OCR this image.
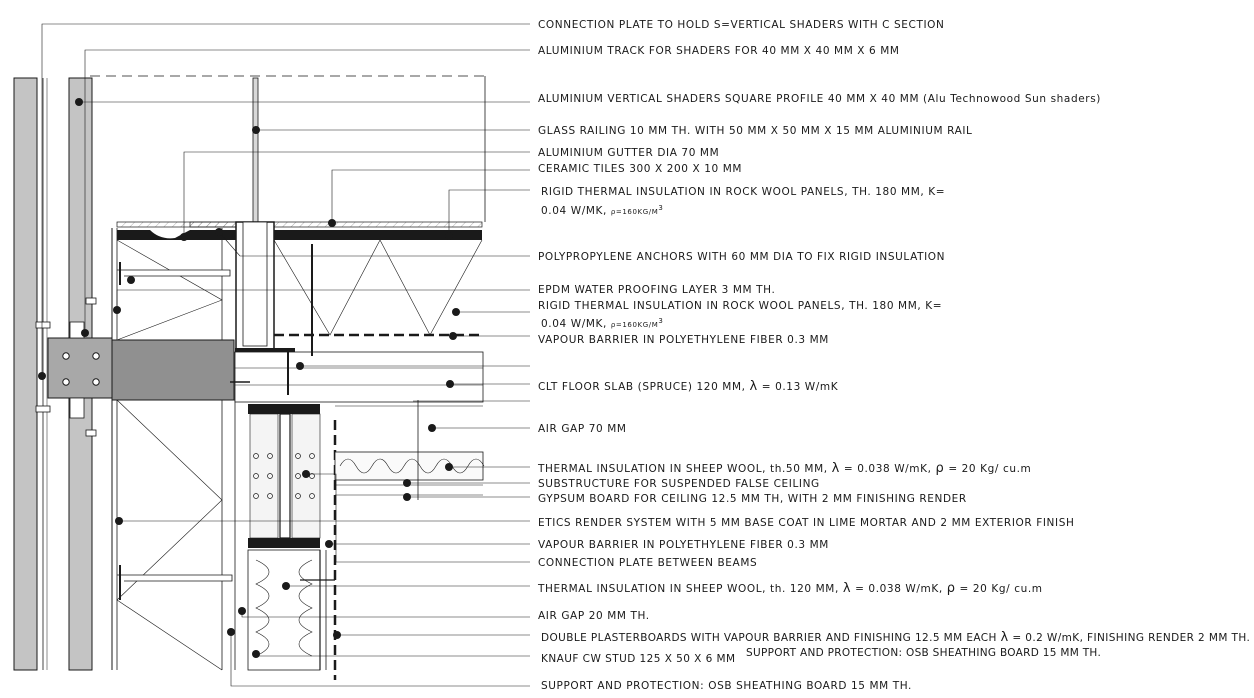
CONNECTION PLATE TO HOLD S=VERTICAL SHADERS WITH C SECTION
ALUMINIUM TRACK FOR SHADERS FOR 40 MM X 40 MM X 6 MM
ALUMINIUM VERTICAL SHADERS SQUARE PROFILE 40 MM X 40 MM (Alu Technowood Sun shaders)
GLASS RAILING 10 MM TH. WITH 50 MM X 50 MM X 15 MM ALUMINIUM RAIL
ALUMINIUM GUTTER DIA 70 MM
CERAMIC TILES 300 X 200 X 10 MM
RIGID THERMAL INSULATION IN ROCK WOOL PANELS, TH. 180 MM, K=
0.04 W/MK, $\rho=160KG/M^3$
POLYPROPYLENE ANCHORS WITH 60 MM DIA TO FIX RIGID INSULATION
EPDM WATER PROOFING LAYER 3 MM TH.
RIGID THERMAL INSULATION IN ROCK WOOL PANELS, TH. 180 MM, K=
0.04 W/MK, $\rho=160KG/M^3$
VAPOUR BARRIER IN POLYETHYLENE FIBER 0.3 MM
CLT FLOOR SLAB (SPRUCE) 120 MM, λ = 0.13 W/mK
AIR GAP 70 MM
THERMAL INSULATION IN SHEEP WOOL, th.50 MM, λ = 0.038 W/mK, ρ = 20 Kg/ cu.m
SUBSTRUCTURE FOR SUSPENDED FALSE CEILING
GYPSUM BOARD FOR CEILING 12.5 MM TH, WITH 2 MM FINISHING RENDER
ETICS RENDER SYSTEM WITH 5 MM BASE COAT IN LIME MORTAR AND 2 MM EXTERIOR FINISH
VAPOUR BARRIER IN POLYETHYLENE FIBER 0.3 MM
CONNECTION PLATE BETWEEN BEAMS
THERMAL INSULATION IN SHEEP WOOL, th. 120 MM, λ = 0.038 W/mK, ρ = 20 Kg/ cu.m
AIR GAP 20 MM TH.
DOUBLE PLASTERBOARDS WITH VAPOUR BARRIER AND FINISHING 12.5 MM EACH λ = 0.2 W/mK, FINISHING RENDER 2 MM TH.
KNAUF CW STUD 125 X 50 X 6 MM SUPPORT AND PROTECTION: OSB SHEATHING BOARD 15 MM TH.
SUPPORT AND PROTECTION: OSB SHEATHING BOARD 15 MM TH.
